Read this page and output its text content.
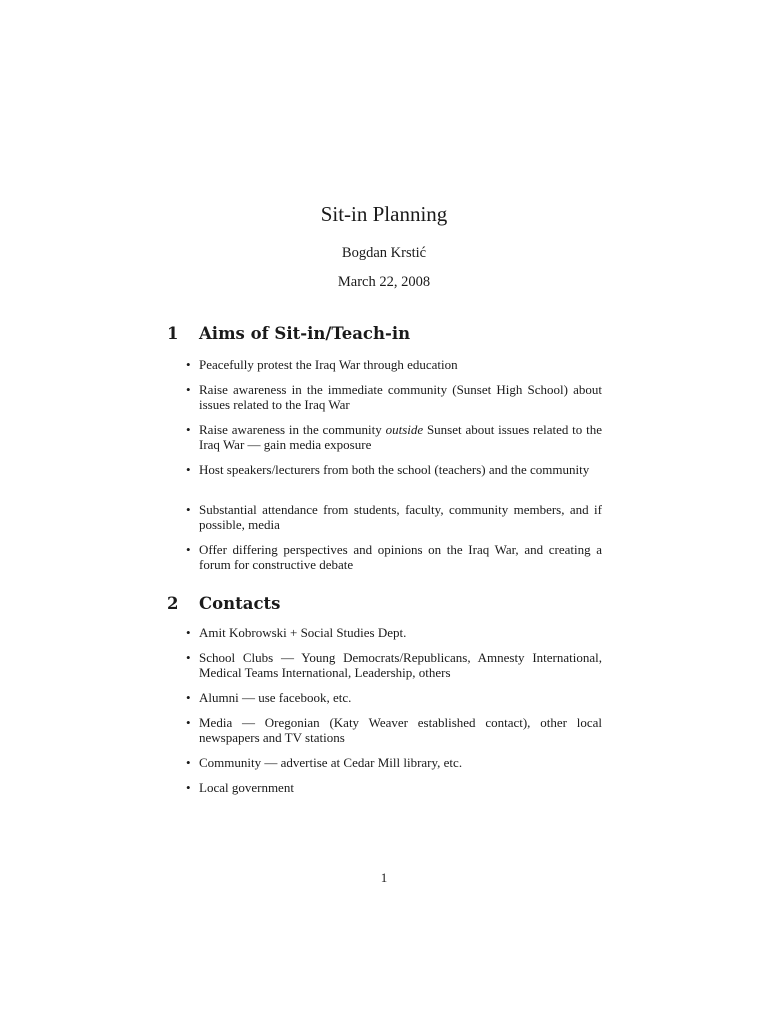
Sit-in Planning
Bogdan Krstić
March 22, 2008
1 Aims of Sit-in/Teach-in
• Peacefully protest the Iraq War through education
• Raise awareness in the immediate community (Sunset High School) about issues related to the Iraq War
• Raise awareness in the community outside Sunset about issues related to the Iraq War — gain media exposure
• Host speakers/lecturers from both the school (teachers) and the community
• Substantial attendance from students, faculty, community members, and if possible, media
• Offer differing perspectives and opinions on the Iraq War, and creating a forum for constructive debate
2 Contacts
• Amit Kobrowski + Social Studies Dept.
• School Clubs — Young Democrats/Republicans, Amnesty International, Medical Teams International, Leadership, others
• Alumni — use facebook, etc.
• Media — Oregonian (Katy Weaver established contact), other local newspapers and TV stations
• Community — advertise at Cedar Mill library, etc.
• Local government
1
